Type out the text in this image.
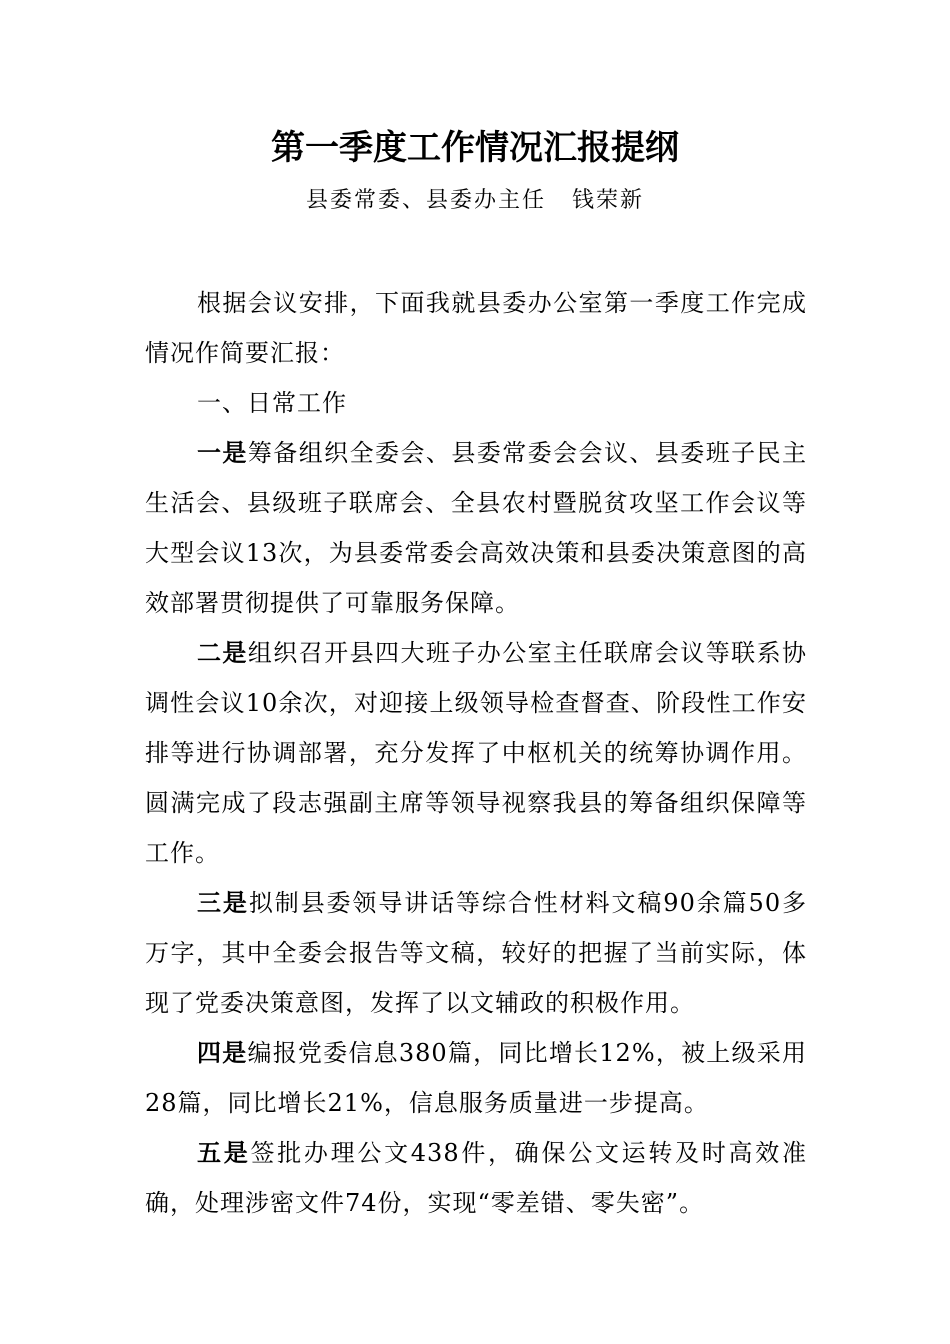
第一季度工作情况汇报提纲
县委常委、县委办主任 钱荣新

根据会议安排，下面我就县委办公室第一季度工作完成情况作简要汇报：

一、日常工作

一是筹备组织全委会、县委常委会会议、县委班子民主生活会、县级班子联席会、全县农村暨脱贫攻坚工作会议等大型会议13次，为县委常委会高效决策和县委决策意图的高效部署贯彻提供了可靠服务保障。

二是组织召开县四大班子办公室主任联席会议等联系协调性会议10余次，对迎接上级领导检查督查、阶段性工作安排等进行协调部署，充分发挥了中枢机关的统筹协调作用。圆满完成了段志强副主席等领导视察我县的筹备组织保障等工作。

三是拟制县委领导讲话等综合性材料文稿90余篇50多万字，其中全委会报告等文稿，较好的把握了当前实际，体现了党委决策意图，发挥了以文辅政的积极作用。

四是编报党委信息380篇，同比增长12%，被上级采用28篇，同比增长21%，信息服务质量进一步提高。

五是签批办理公文438件，确保公文运转及时高效准确，处理涉密文件74份，实现“零差错、零失密”。
